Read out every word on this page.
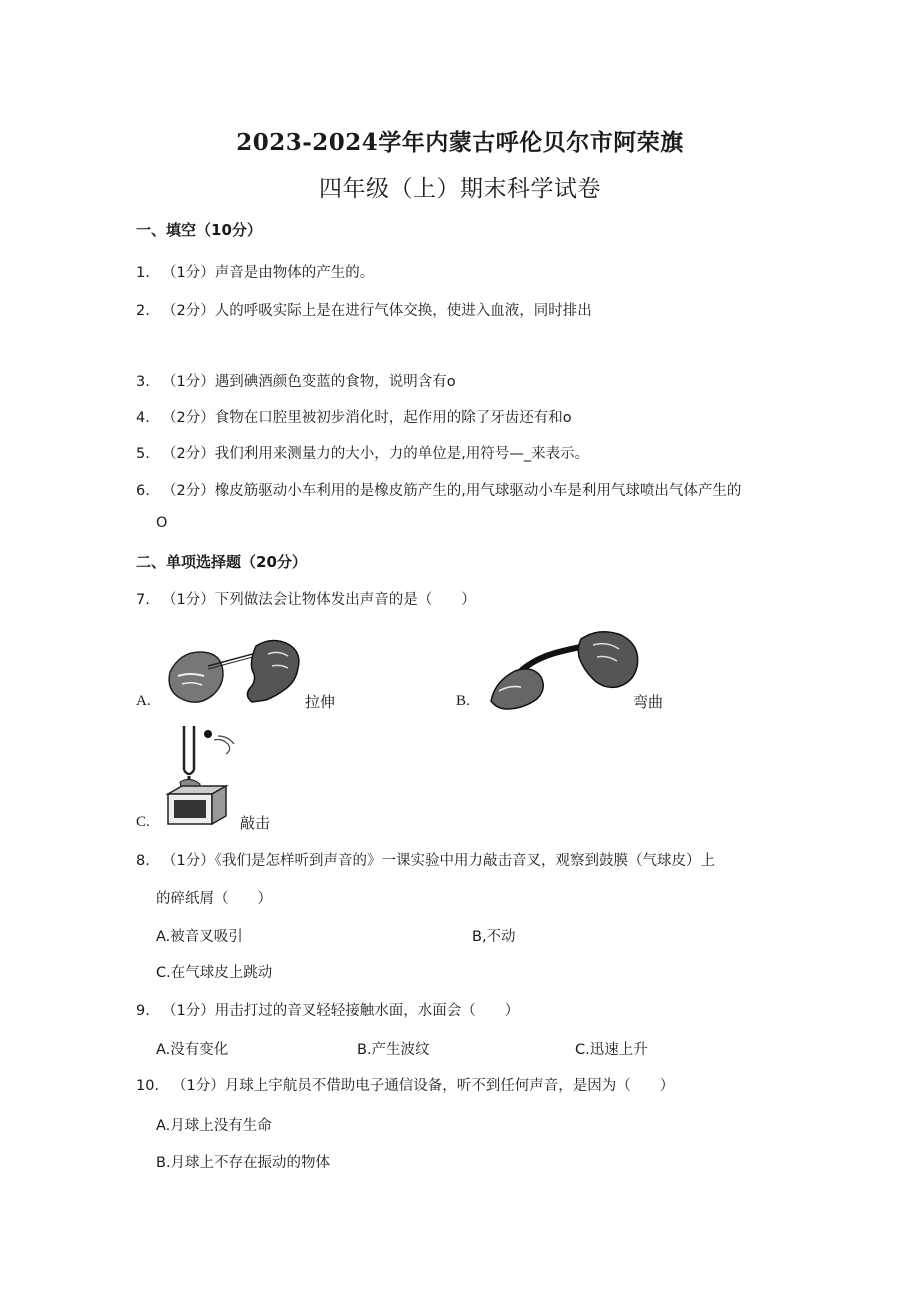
2023-2024学年内蒙古呼伦贝尔市阿荣旗
四年级（上）期末科学试卷
一、填空（10分）
1. （1分）声音是由物体的产生的。
2. （2分）人的呼吸实际上是在进行气体交换，使进入血液，同时排出
3. （1分）遇到碘酒颜色变蓝的食物，说明含有o
4. （2分）食物在口腔里被初步消化时，起作用的除了牙齿还有和o
5. （2分）我们利用来测量力的大小，力的单位是,用符号—_来表示。
6. （2分）橡皮筋驱动小车利用的是橡皮筋产生的,用气球驱动小车是利用气球喷出气体产生的
O
二、单项选择题（20分）
7. （1分）下列做法会让物体发出声音的是（　　）
A.	拉伸	B.	弯曲
C.	敲击
8. （1分）《我们是怎样听到声音的》一课实验中用力敲击音叉，观察到鼓膜（气球皮）上
的碎纸屑（　　）
A.被音叉吸引	B,不动
C.在气球皮上跳动
9. （1分）用击打过的音叉轻轻接触水面，水面会（　　）
A.没有变化	B.产生波纹	C.迅速上升
10. （1分）月球上宇航员不借助电子通信设备，听不到任何声音，是因为（　　）
A.月球上没有生命
B.月球上不存在振动的物体
